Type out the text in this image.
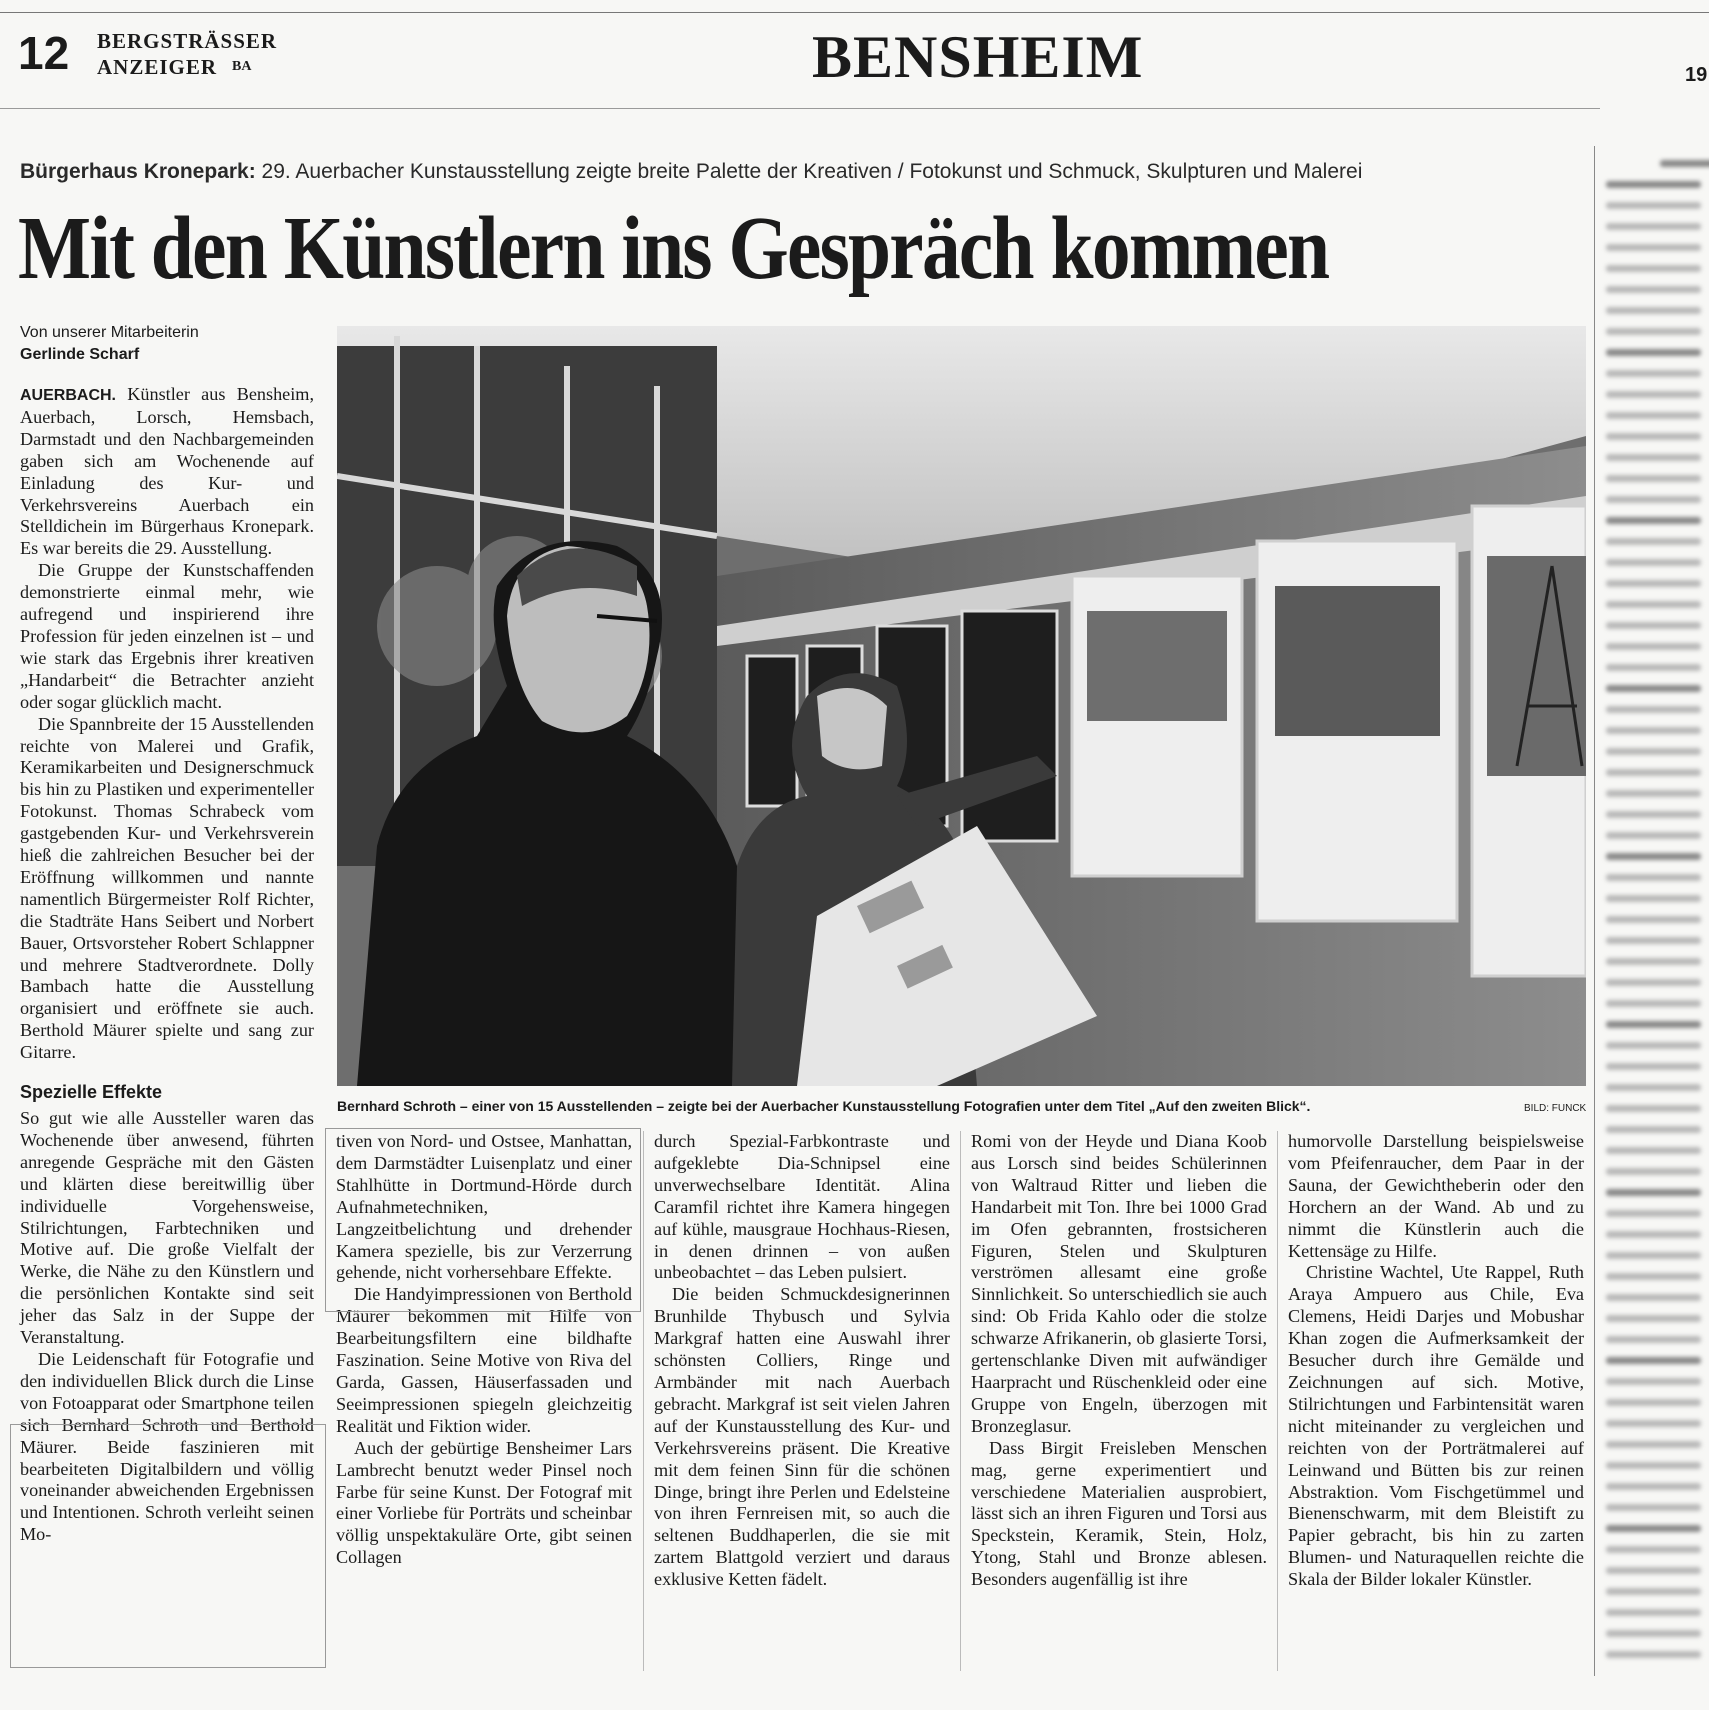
12 BERGSTRÄSSER
ANZEIGER BA	BENSHEIM	19
Bürgerhaus Kronepark: 29. Auerbacher Kunstausstellung zeigte breite Palette der Kreativen / Fotokunst und Schmuck, Skulpturen und Malerei
Mit den Künstlern ins Gespräch kommen
Von unserer Mitarbeiterin
Gerlinde Scharf

AUERBACH. Künstler aus Bensheim, Auerbach, Lorsch, Hemsbach, Darmstadt und den Nachbargemeinden gaben sich am Wochenende auf Einladung des Kur- und Verkehrsvereins Auerbach ein Stelldichein im Bürgerhaus Kronepark. Es war bereits die 29. Ausstellung.

Die Gruppe der Kunstschaffenden demonstrierte einmal mehr, wie aufregend und inspirierend ihre Profession für jeden einzelnen ist – und wie stark das Ergebnis ihrer kreativen „Handarbeit“ die Betrachter anzieht oder sogar glücklich macht.

Die Spannbreite der 15 Ausstellenden reichte von Malerei und Grafik, Keramikarbeiten und Designerschmuck bis hin zu Plastiken und experimenteller Fotokunst. Thomas Schrabeck vom gastgebenden Kur- und Verkehrsverein hieß die zahlreichen Besucher bei der Eröffnung willkommen und nannte namentlich Bürgermeister Rolf Richter, die Stadträte Hans Seibert und Norbert Bauer, Ortsvorsteher Robert Schlappner und mehrere Stadtverordnete. Dolly Bambach hatte die Ausstellung organisiert und eröffnete sie auch. Berthold Mäurer spielte und sang zur Gitarre.

Spezielle Effekte

So gut wie alle Aussteller waren das Wochenende über anwesend, führten anregende Gespräche mit den Gästen und klärten diese bereitwillig über individuelle Vorgehensweise, Stilrichtungen, Farbtechniken und Motive auf. Die große Vielfalt der Werke, die Nähe zu den Künstlern und die persönlichen Kontakte sind seit jeher das Salz in der Suppe der Veranstaltung.

Die Leidenschaft für Fotografie und den individuellen Blick durch die Linse von Fotoapparat oder Smartphone teilen sich Bernhard Schroth und Berthold Mäurer. Beide faszinieren mit bearbeiteten Digitalbildern und völlig voneinander abweichenden Ergebnissen und Intentionen. Schroth verleiht seinen Mo-

Bernhard Schroth – einer von 15 Ausstellenden – zeigte bei der Auerbacher Kunstausstellung Fotografien unter dem Titel „Auf den zweiten Blick“.	BILD: FUNCK

tiven von Nord- und Ostsee, Manhattan, dem Darmstädter Luisenplatz und einer Stahlhütte in Dortmund-Hörde durch Aufnahmetechniken, Langzeitbelichtung und drehender Kamera spezielle, bis zur Verzerrung gehende, nicht vorhersehbare Effekte.

Die Handyimpressionen von Berthold Mäurer bekommen mit Hilfe von Bearbeitungsfiltern eine bildhafte Faszination. Seine Motive von Riva del Garda, Gassen, Häuserfassaden und Seeimpressionen spiegeln gleichzeitig Realität und Fiktion wider.

Auch der gebürtige Bensheimer Lars Lambrecht benutzt weder Pinsel noch Farbe für seine Kunst. Der Fotograf mit einer Vorliebe für Porträts und scheinbar völlig unspektakuläre Orte, gibt seinen Collagen

durch Spezial-Farbkontraste und aufgeklebte Dia-Schnipsel eine unverwechselbare Identität. Alina Caramfil richtet ihre Kamera hingegen auf kühle, mausgraue Hochhaus-Riesen, in denen drinnen – von außen unbeobachtet – das Leben pulsiert.

Die beiden Schmuckdesignerinnen Brunhilde Thybusch und Sylvia Markgraf hatten eine Auswahl ihrer schönsten Colliers, Ringe und Armbänder mit nach Auerbach gebracht. Markgraf ist seit vielen Jahren auf der Kunstausstellung des Kur- und Verkehrsvereins präsent. Die Kreative mit dem feinen Sinn für die schönen Dinge, bringt ihre Perlen und Edelsteine von ihren Fernreisen mit, so auch die seltenen Buddhaperlen, die sie mit zartem Blattgold verziert und daraus exklusive Ketten fädelt.

Romi von der Heyde und Diana Koob aus Lorsch sind beides Schülerinnen von Waltraud Ritter und lieben die Handarbeit mit Ton. Ihre bei 1000 Grad im Ofen gebrannten, frostsicheren Figuren, Stelen und Skulpturen verströmen allesamt eine große Sinnlichkeit. So unterschiedlich sie auch sind: Ob Frida Kahlo oder die stolze schwarze Afrikanerin, ob glasierte Torsi, gertenschlanke Diven mit aufwändiger Haarpracht und Rüschenkleid oder eine Gruppe von Engeln, überzogen mit Bronzeglasur.

Dass Birgit Freisleben Menschen mag, gerne experimentiert und verschiedene Materialien ausprobiert, lässt sich an ihren Figuren und Torsi aus Speckstein, Keramik, Stein, Holz, Ytong, Stahl und Bronze ablesen. Besonders augenfällig ist ihre

humorvolle Darstellung beispielsweise vom Pfeifenraucher, dem Paar in der Sauna, der Gewichtheberin oder den Horchern an der Wand. Ab und zu nimmt die Künstlerin auch die Kettensäge zu Hilfe.

Christine Wachtel, Ute Rappel, Ruth Araya Ampuero aus Chile, Eva Clemens, Heidi Darjes und Mobushar Khan zogen die Aufmerksamkeit der Besucher durch ihre Gemälde und Zeichnungen auf sich. Motive, Stilrichtungen und Farbintensität waren nicht miteinander zu vergleichen und reichten von der Porträtmalerei auf Leinwand und Bütten bis zur reinen Abstraktion. Vom Fischgetümmel und Bienenschwarm, mit dem Bleistift zu Papier gebracht, bis hin zu zarten Blumen- und Naturaquellen reichte die Skala der Bilder lokaler Künstler.
